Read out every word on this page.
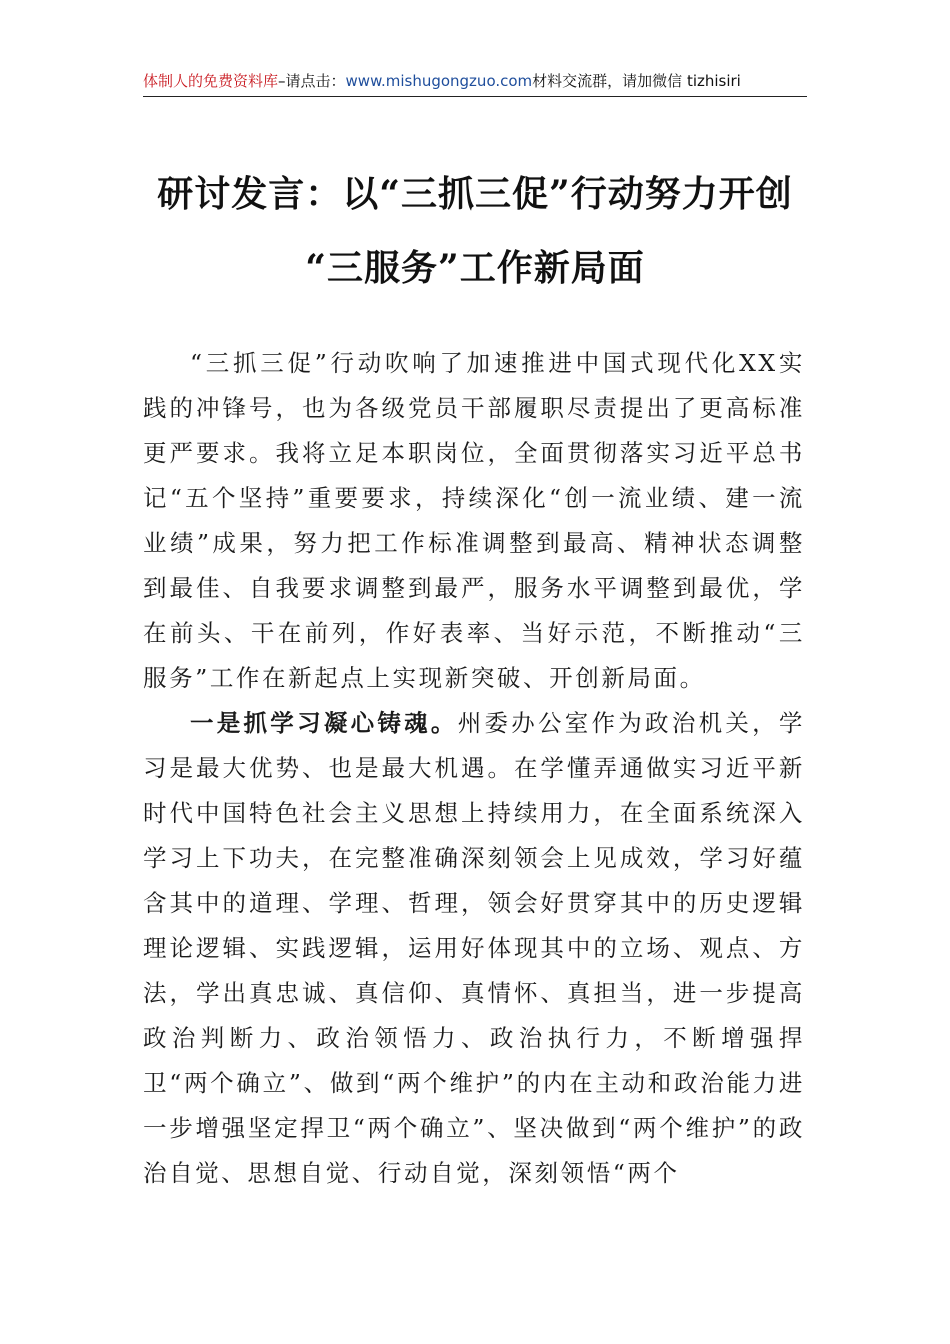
体制人的免费资料库–请点击：www.mishugongzuo.com材料交流群，请加微信 tizhisiri
研讨发言：以“三抓三促”行动努力开创
“三服务”工作新局面

“三抓三促”行动吹响了加速推进中国式现代化XX实践的冲锋号，也为各级党员干部履职尽责提出了更高标准更严要求。我将立足本职岗位，全面贯彻落实习近平总书记“五个坚持”重要要求，持续深化“创一流业绩、建一流业绩”成果，努力把工作标准调整到最高、精神状态调整到最佳、自我要求调整到最严，服务水平调整到最优，学在前头、干在前列，作好表率、当好示范，不断推动“三服务”工作在新起点上实现新突破、开创新局面。

一是抓学习凝心铸魂。州委办公室作为政治机关，学习是最大优势、也是最大机遇。在学懂弄通做实习近平新时代中国特色社会主义思想上持续用力，在全面系统深入学习上下功夫，在完整准确深刻领会上见成效，学习好蕴含其中的道理、学理、哲理，领会好贯穿其中的历史逻辑理论逻辑、实践逻辑，运用好体现其中的立场、观点、方法，学出真忠诚、真信仰、真情怀、真担当，进一步提高政治判断力、政治领悟力、政治执行力，不断增强捍卫“两个确立”、做到“两个维护”的内在主动和政治能力进一步增强坚定捍卫“两个确立”、坚决做到“两个维护”的政治自觉、思想自觉、行动自觉，深刻领悟“两个
